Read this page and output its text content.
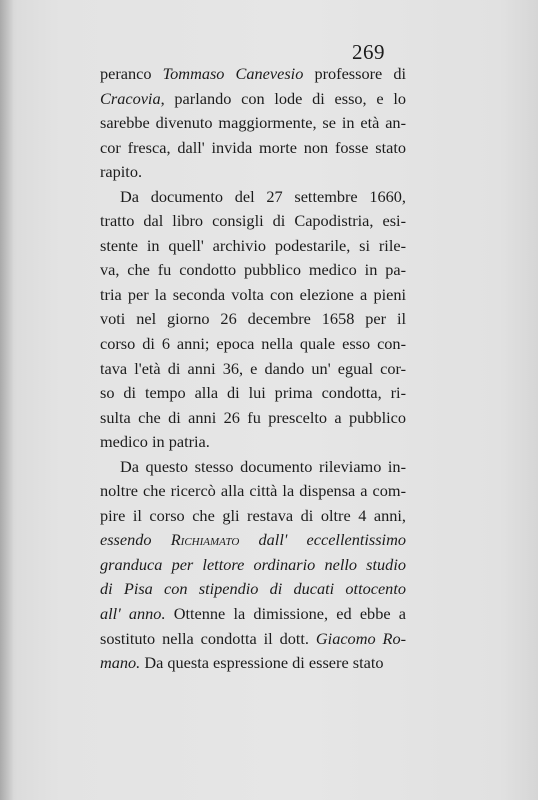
269
peranco Tommaso Canevesio professore di
Cracovia, parlando con lode di esso, e lo
sarebbe divenuto maggiormente, se in età an-
cor fresca, dall' invida morte non fosse stato
rapito.
Da documento del 27 settembre 1660,
tratto dal libro consigli di Capodistria, esi-
stente in quell' archivio podestarile, si rile-
va, che fu condotto pubblico medico in pa-
tria per la seconda volta con elezione a pieni
voti nel giorno 26 decembre 1658 per il
corso di 6 anni; epoca nella quale esso con-
tava l'età di anni 36, e dando un' egual cor-
so di tempo alla di lui prima condotta, ri-
sulta che di anni 26 fu prescelto a pubblico
medico in patria.
Da questo stesso documento rileviamo in-
noltre che ricercò alla città la dispensa a com-
pire il corso che gli restava di oltre 4 anni,
essendo Richiamato dall' eccellentissimo
granduca per lettore ordinario nello studio
di Pisa con stipendio di ducati ottocento
all' anno. Ottenne la dimissione, ed ebbe a
sostituto nella condotta il dott. Giacomo Ro-
mano. Da questa espressione di essere stato
